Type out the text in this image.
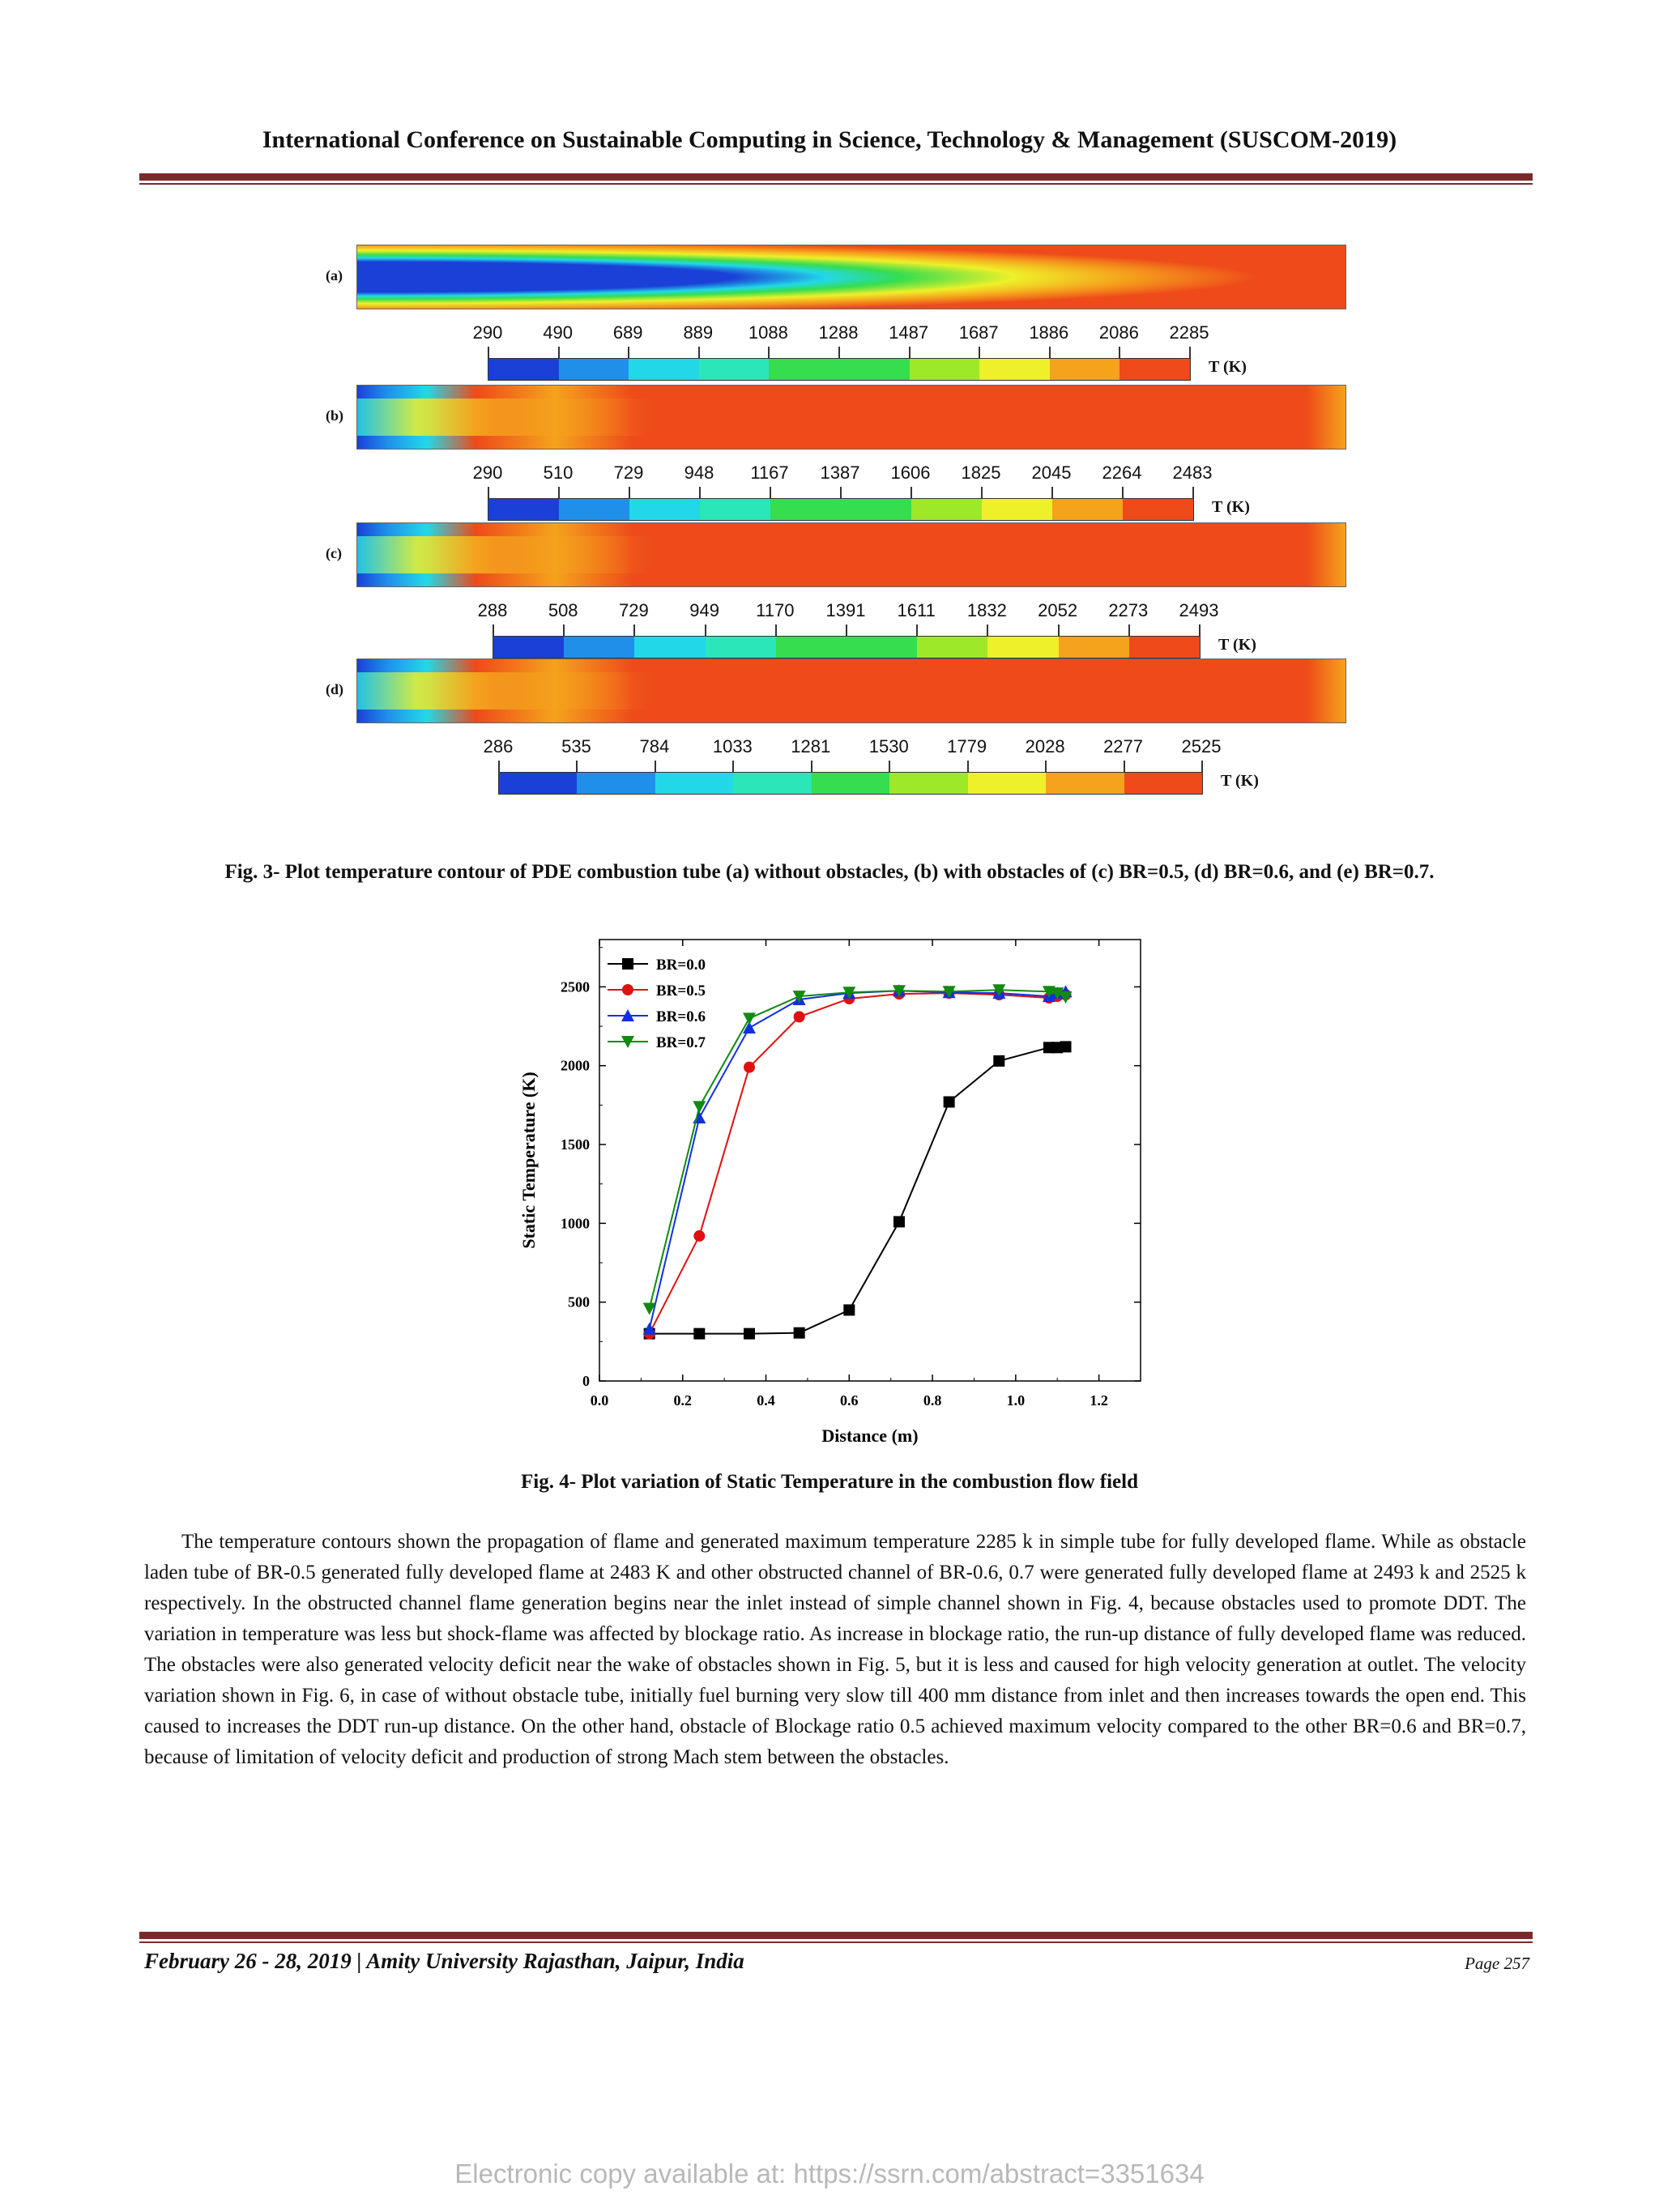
International Conference on Sustainable Computing in Science, Technology & Management (SUSCOM-2019)
(a)
290 490 689 889 1088 1288 1487 1687 1886 2086 2285
T (K)
(b)
290 510 729 948 1167 1387 1606 1825 2045 2264 2483
T (K)
(c)
288 508 729 949 1170 1391 1611 1832 2052 2273 2493
T (K)
(d)
286	535	784 1033 1281 1530 1779 2028 2277 2525
T (K)
Fig. 3- Plot temperature contour of PDE combustion tube (a) without obstacles, (b) with obstacles of (c) BR=0.5, (d) BR=0.6, and (e) BR=0.7.
0.0	0.2	0.4	0.6	0.8	1.0	1.2
0
500
1000
1500
2000
2500
Distance (m)
Static Temperature (K)
BR=0.0
BR=0.5
BR=0.6
BR=0.7
Fig. 4- Plot variation of Static Temperature in the combustion flow field
The temperature contours shown the propagation of flame and generated maximum temperature 2285 k in simple tube for fully developed flame. While as obstacle laden tube of BR-0.5 generated fully developed flame at 2483 K and other obstructed channel of BR-0.6, 0.7 were generated fully developed flame at 2493 k and 2525 k respectively. In the obstructed channel flame generation begins near the inlet instead of simple channel shown in Fig. 4, because obstacles used to promote DDT. The variation in temperature was less but shock-flame was affected by blockage ratio. As increase in blockage ratio, the run-up distance of fully developed flame was reduced. The obstacles were also generated velocity deficit near the wake of obstacles shown in Fig. 5, but it is less and caused for high velocity generation at outlet. The velocity variation shown in Fig. 6, in case of without obstacle tube, initially fuel burning very slow till 400 mm distance from inlet and then increases towards the open end. This caused to increases the DDT run-up distance. On the other hand, obstacle of Blockage ratio 0.5 achieved maximum velocity compared to the other BR=0.6 and BR=0.7, because of limitation of velocity deficit and production of strong Mach stem between the obstacles.
February 26 - 28, 2019 | Amity University Rajasthan, Jaipur, India	Page 257
Electronic copy available at: https://ssrn.com/abstract=3351634
